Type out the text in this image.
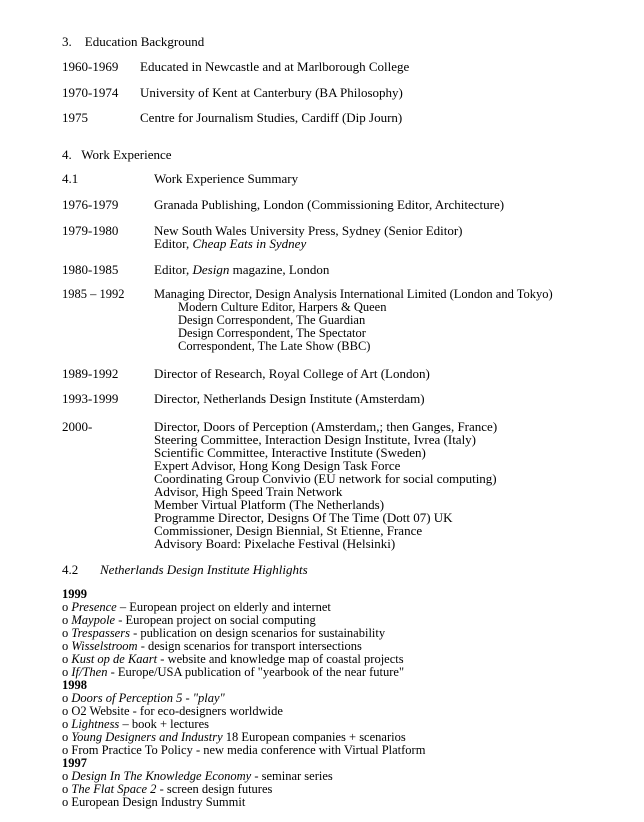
3.    Education Background
1960-1969 Educated in Newcastle and at Marlborough College
1970-1974 University of Kent at Canterbury (BA Philosophy)
1975	Centre for Journalism Studies, Cardiff (Dip Journ)
4.   Work Experience
4.1	Work Experience Summary
1976-1979	Granada Publishing, London (Commissioning Editor, Architecture)
1979-1980	New South Wales University Press, Sydney (Senior Editor)
Editor, Cheap Eats in Sydney
1980-1985	Editor, Design magazine, London
1985 – 1992 Managing Director, Design Analysis International Limited (London and Tokyo)
Modern Culture Editor, Harpers & Queen
Design Correspondent, The Guardian
Design Correspondent, The Spectator
Correspondent, The Late Show (BBC)
1989-1992	Director of Research, Royal College of Art (London)
1993-1999	Director, Netherlands Design Institute (Amsterdam)
2000-	Director, Doors of Perception (Amsterdam,; then Ganges, France)
Steering Committee, Interaction Design Institute, Ivrea (Italy)
Scientific Committee, Interactive Institute (Sweden)
Expert Advisor, Hong Kong Design Task Force
Coordinating Group Convivio (EU network for social computing)
Advisor, High Speed Train Network
Member Virtual Platform (The Netherlands)
Programme Director, Designs Of The Time (Dott 07) UK
Commissioner, Design Biennial, St Etienne, France
Advisory Board: Pixelache Festival (Helsinki)
4.2 Netherlands Design Institute Highlights
1999
o Presence – European project on elderly and internet
o Maypole - European project on social computing
o Trespassers - publication on design scenarios for sustainability
o Wisselstroom - design scenarios for transport intersections
o Kust op de Kaart - website and knowledge map of coastal projects
o If/Then - Europe/USA publication of "yearbook of the near future"
1998
o Doors of Perception 5 - "play"
o O2 Website - for eco-designers worldwide
o Lightness – book + lectures
o Young Designers and Industry 18 European companies + scenarios
o From Practice To Policy - new media conference with Virtual Platform
1997
o Design In The Knowledge Economy - seminar series
o The Flat Space 2 - screen design futures
o European Design Industry Summit
